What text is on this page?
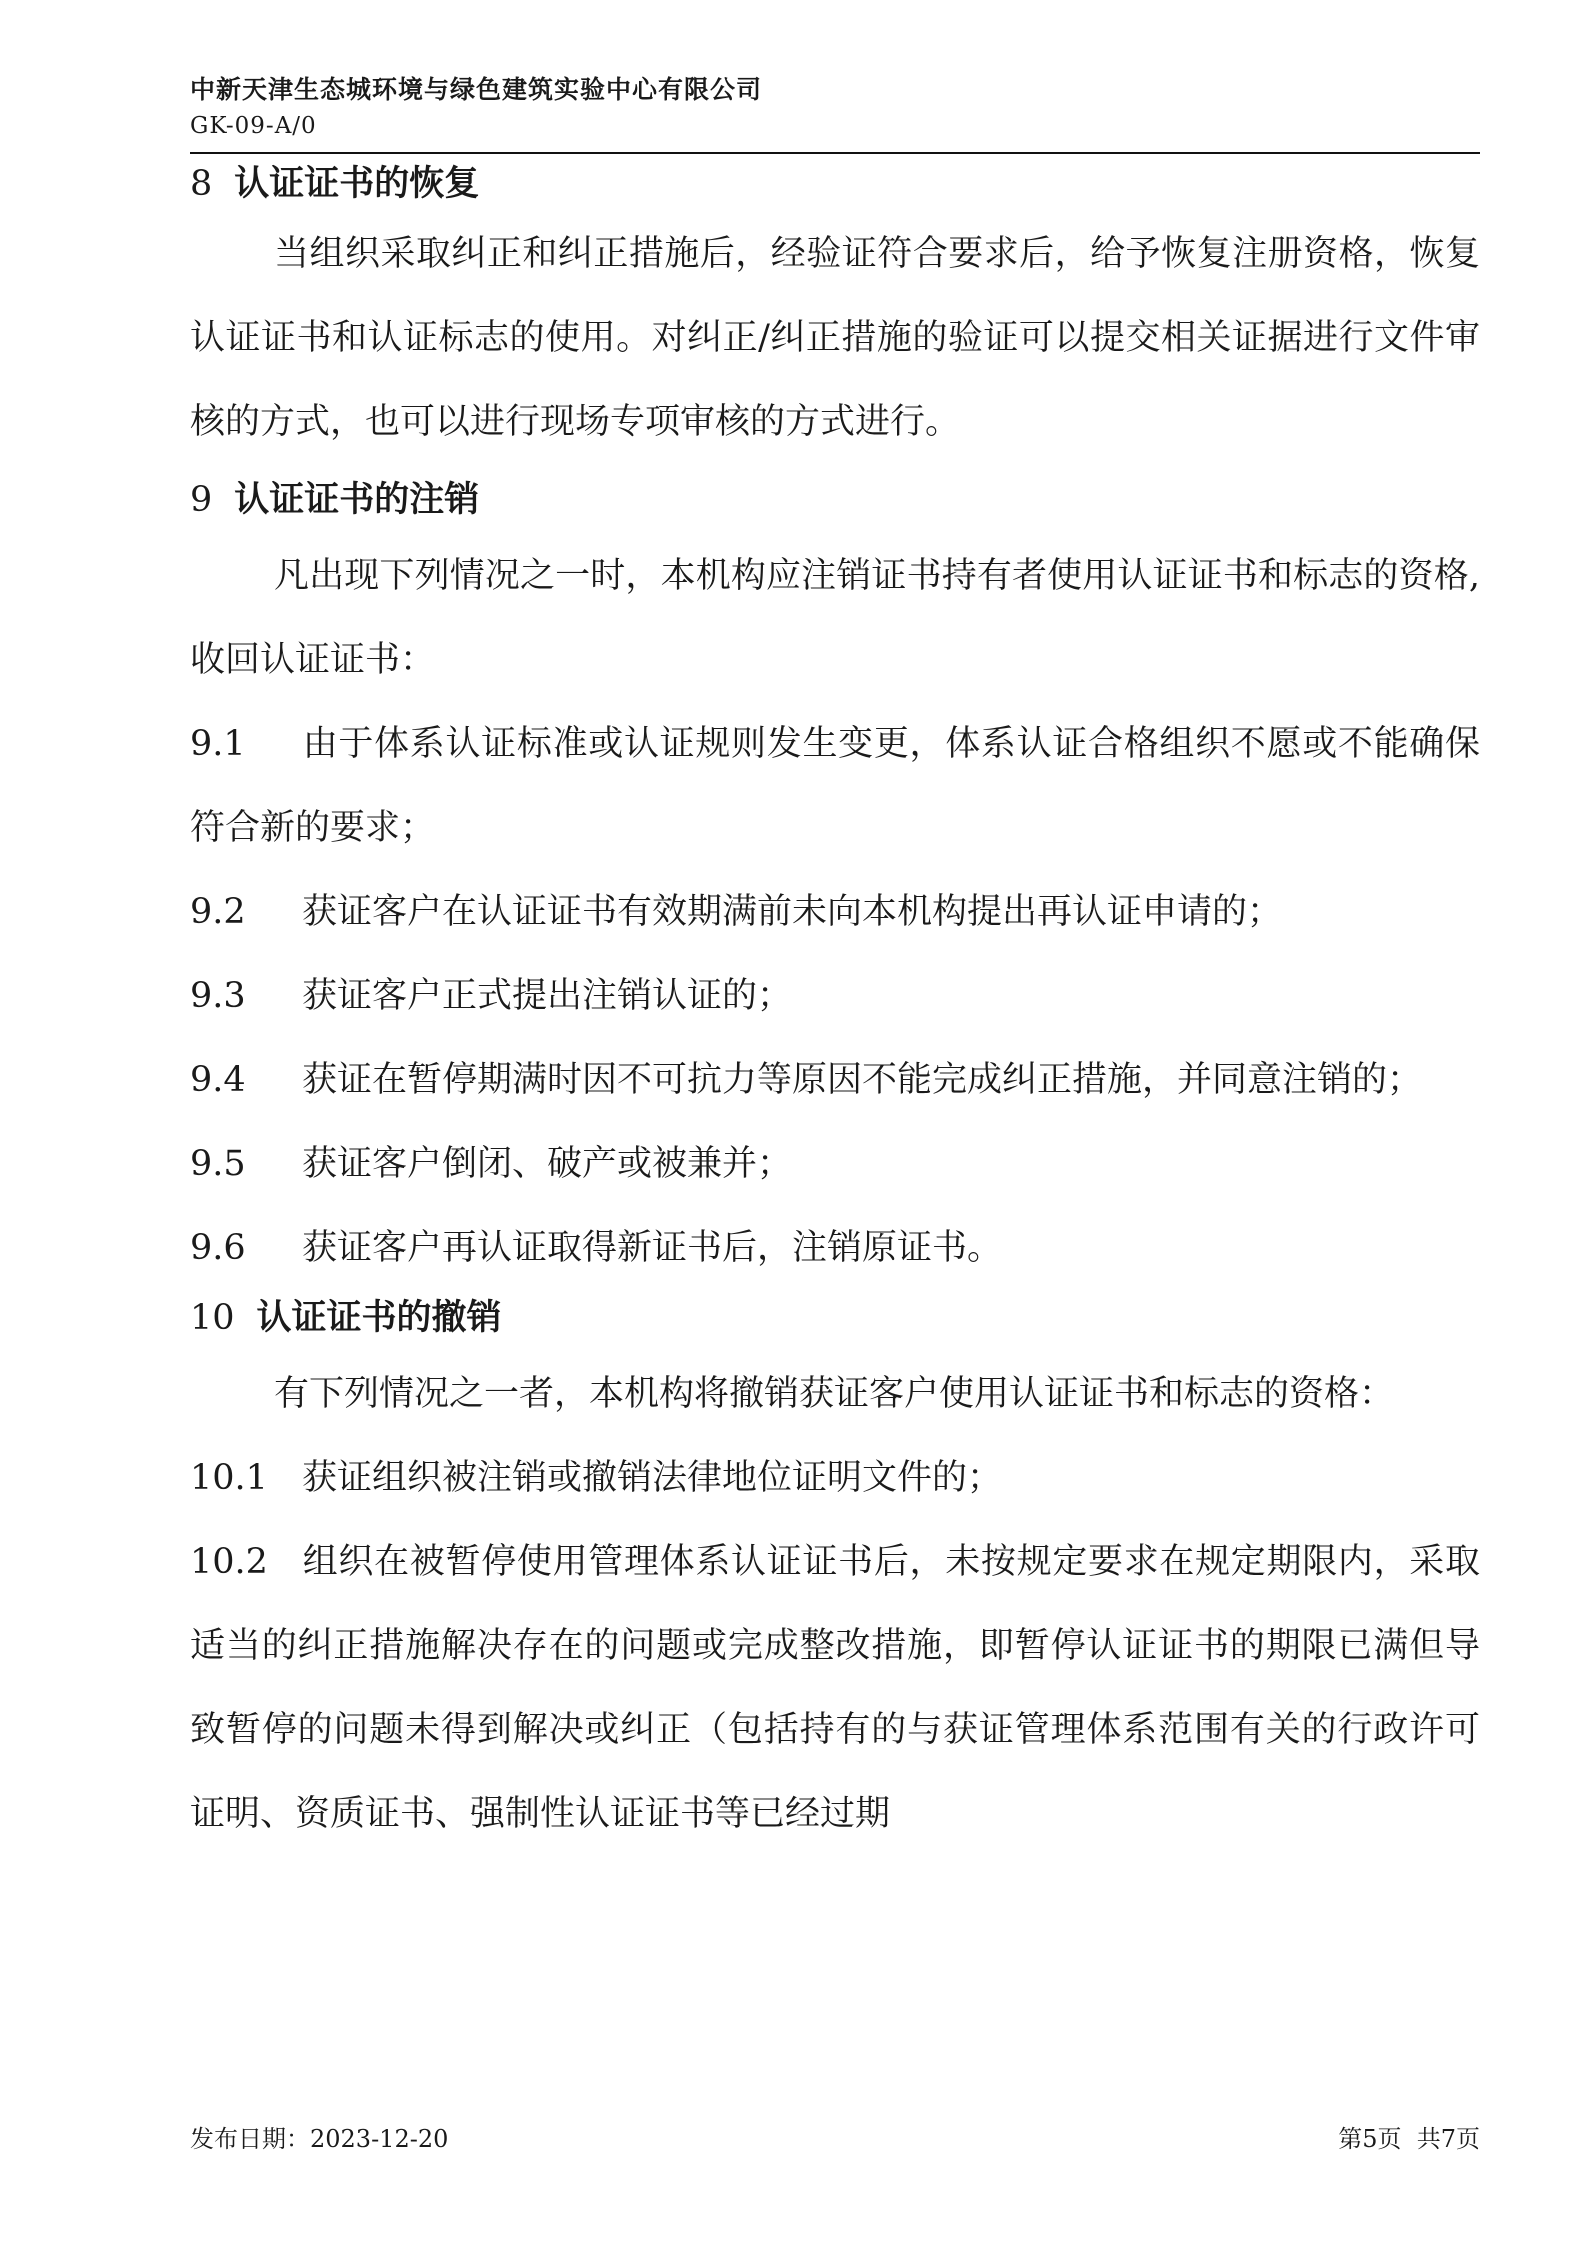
中新天津生态城环境与绿色建筑实验中心有限公司
GK-09-A/0
8 认证证书的恢复

当组织采取纠正和纠正措施后，经验证符合要求后，给予恢复注册资格，恢复认证证书和认证标志的使用。对纠正/纠正措施的验证可以提交相关证据进行文件审核的方式，也可以进行现场专项审核的方式进行。

9 认证证书的注销

凡出现下列情况之一时，本机构应注销证书持有者使用认证证书和标志的资格,收回认证证书：

9.1 由于体系认证标准或认证规则发生变更，体系认证合格组织不愿或不能确保符合新的要求；

9.2 获证客户在认证证书有效期满前未向本机构提出再认证申请的；

9.3 获证客户正式提出注销认证的；

9.4 获证在暂停期满时因不可抗力等原因不能完成纠正措施，并同意注销的；

9.5 获证客户倒闭、破产或被兼并；

9.6 获证客户再认证取得新证书后，注销原证书。

10 认证证书的撤销

有下列情况之一者，本机构将撤销获证客户使用认证证书和标志的资格：

10.1 获证组织被注销或撤销法律地位证明文件的；

10.2 组织在被暂停使用管理体系认证证书后，未按规定要求在规定期限内，采取适当的纠正措施解决存在的问题或完成整改措施，即暂停认证证书的期限已满但导致暂停的问题未得到解决或纠正（包括持有的与获证管理体系范围有关的行政许可证明、资质证书、强制性认证证书等已经过期

发布日期：2023-12-20	第5页  共7页
